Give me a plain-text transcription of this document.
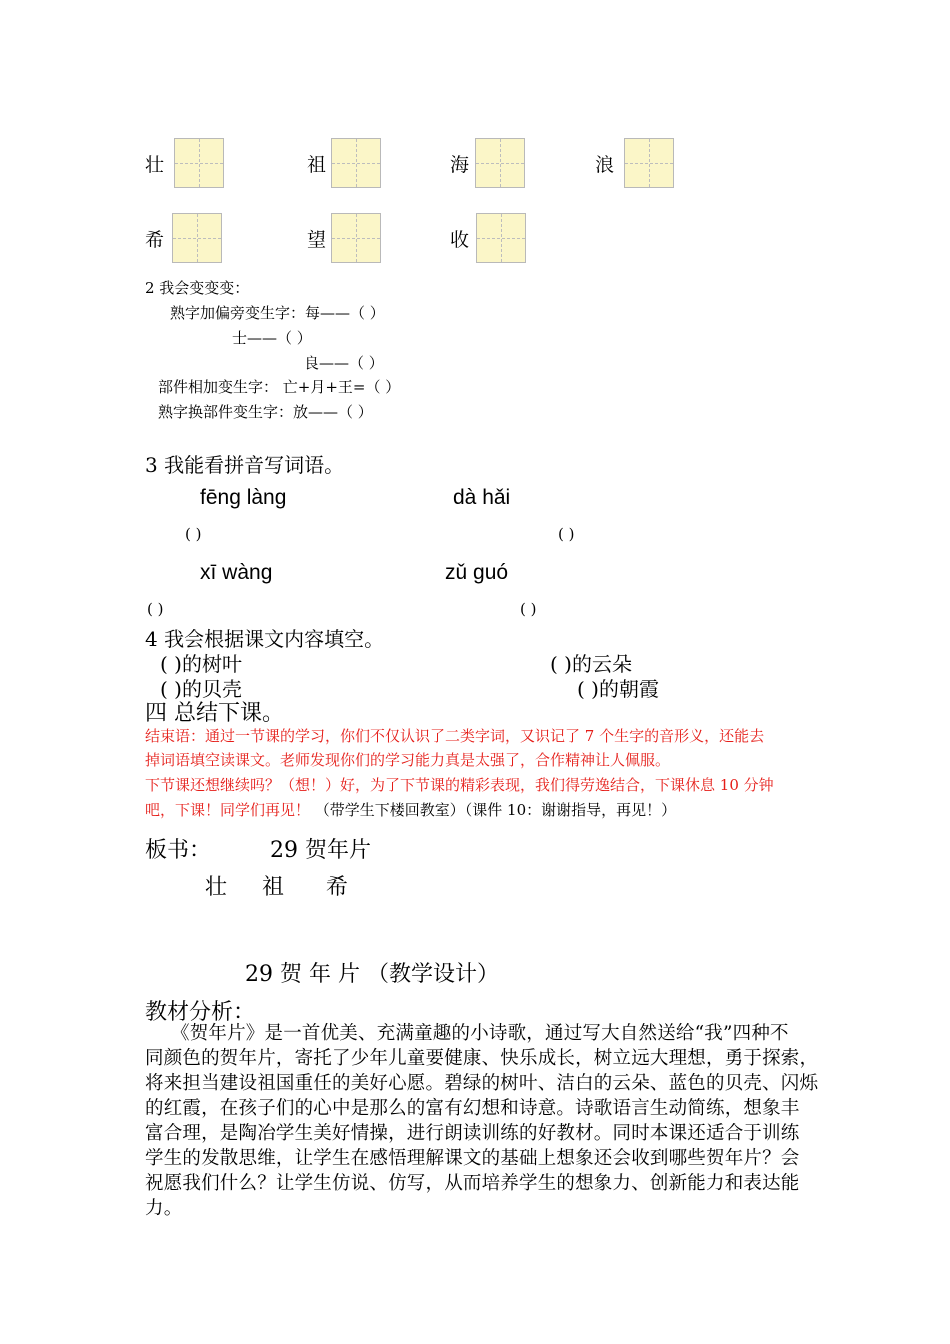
壮	祖	海	浪
希	望	收
2 我会变变变：
熟字加偏旁变生字：每——（ ）
士——（ ）
良——（ ）
部件相加变生字： 亡+月+王=（ ）
熟字换部件变生字：放——（ ）
3 我能看拼音写词语。
fēng làng	dà hǎi
( )	( )
xī wàng	zǔ guó
( )	( )
4 我会根据课文内容填空。
( )的树叶	( )的云朵
( )的贝壳	( )的朝霞
四 总结下课。
结束语：通过一节课的学习，你们不仅认识了二类字词，又识记了 7 个生字的音形义，还能去
掉词语填空读课文。老师发现你们的学习能力真是太强了，合作精神让人佩服。
下节课还想继续吗？（想！）好，为了下节课的精彩表现，我们得劳逸结合，下课休息 10 分钟
吧，下课！同学们再见！ （带学生下楼回教室）（课件 10：谢谢指导，再见！）
板书：	29 贺年片
壮     祖      希
29 贺 年 片 （教学设计）
教材分析：
《贺年片》是一首优美、充满童趣的小诗歌，通过写大自然送给“我”四种不
同颜色的贺年片，寄托了少年儿童要健康、快乐成长，树立远大理想，勇于探索，
将来担当建设祖国重任的美好心愿。碧绿的树叶、洁白的云朵、蓝色的贝壳、闪烁
的红霞，在孩子们的心中是那么的富有幻想和诗意。诗歌语言生动简练，想象丰
富合理，是陶冶学生美好情操，进行朗读训练的好教材。同时本课还适合于训练
学生的发散思维，让学生在感悟理解课文的基础上想象还会收到哪些贺年片？会
祝愿我们什么？让学生仿说、仿写，从而培养学生的想象力、创新能力和表达能
力。
